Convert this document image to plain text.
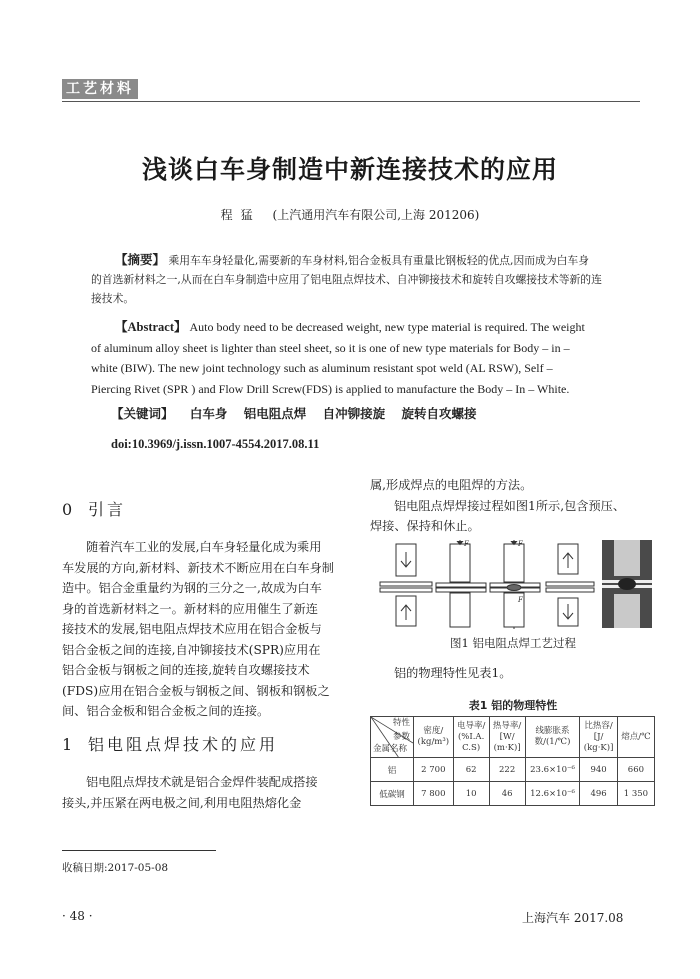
工艺材料
浅谈白车身制造中新连接技术的应用
程猛 (上汽通用汽车有限公司,上海 201206)
【摘要】 乘用车车身轻量化,需要新的车身材料,铝合金板具有重量比钢板轻的优点,因而成为白车身
的首选新材料之一,从而在白车身制造中应用了铝电阻点焊技术、自冲铆接技术和旋转自攻螺接技术等新的连
接技术。
【Abstract】 Auto body need to be decreased weight, new type material is required. The weight
of aluminum alloy sheet is lighter than steel sheet, so it is one of new type materials for Body – in –
white (BIW). The new joint technology such as aluminum resistant spot weld (AL RSW), Self –
Piercing Rivet (SPR ) and Flow Drill Screw(FDS) is applied to manufacture the Body – In – White.
【关键词】 白车身 铝电阻点焊 自冲铆接旋 旋转自攻螺接
doi:10.3969/j.issn.1007-4554.2017.08.11
0 引言
随着汽车工业的发展,白车身轻量化成为乘用
车发展的方向,新材料、新技术不断应用在白车身制
造中。铝合金重量约为钢的三分之一,故成为白车
身的首选新材料之一。新材料的应用催生了新连
接技术的发展,铝电阻点焊技术应用在铝合金板与
铝合金板之间的连接,自冲铆接技术(SPR)应用在
铝合金板与钢板之间的连接,旋转自攻螺接技术
(FDS)应用在铝合金板与钢板之间、钢板和钢板之
间、铝合金板和铝合金板之间的连接。
1 铝电阻点焊技术的应用
铝电阻点焊技术就是铝合金焊件装配成搭接
接头,并压紧在两电极之间,利用电阻热熔化金
属,形成焊点的电阻焊的方法。
铝电阻点焊焊接过程如图1所示,包含预压、
焊接、保持和休止。
F	F
F
图1 铝电阻点焊工艺过程
铝的物理特性见表1。
表1 铝的物理特性
特性
参数
金属名称	密度/
(kg/m³)	电导率/
(%I.A.
C.S)	热导率/
[W/
(m·K)]	线膨胀系
数/(1/℃)	比热容/
[J/
(kg·K)]	熔点/℃
铝	2 700	62	222	23.6×10⁻⁶	940	660
低碳钢	7 800	10	46	12.6×10⁻⁶	496	1 350
收稿日期:2017-05-08
· 48 ·	上海汽车 2017.08
